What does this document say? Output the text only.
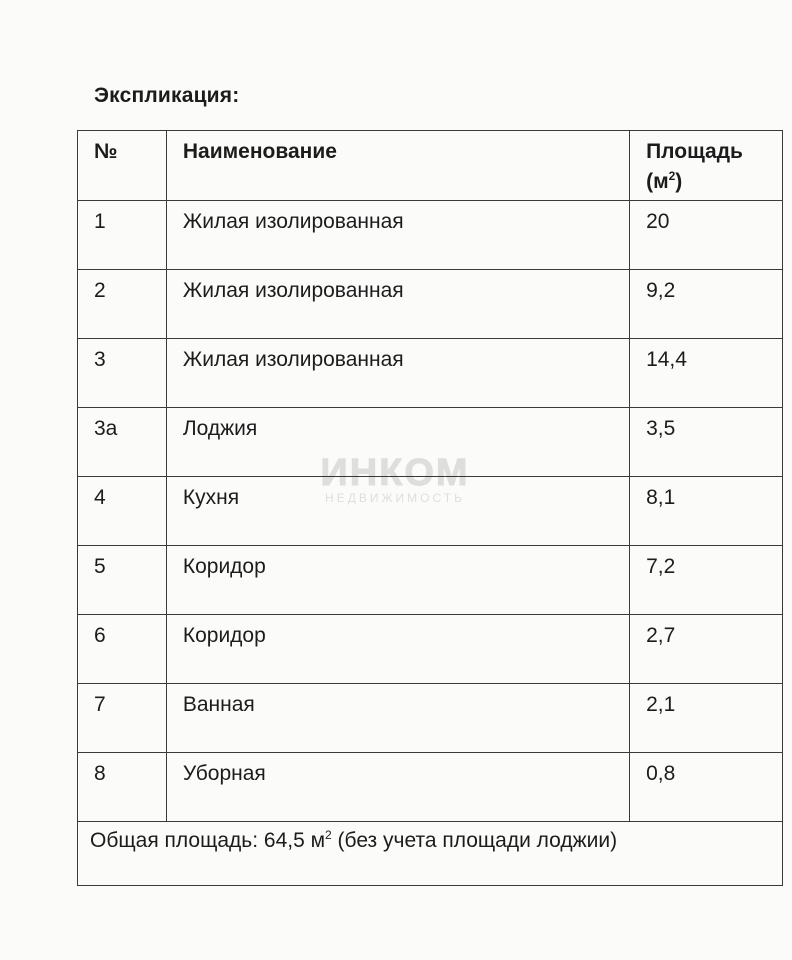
Экспликация:
№	Наименование	Площадь
$(м^2)$
1	Жилая изолированная	20
2	Жилая изолированная	9,2
3	Жилая изолированная	14,4
3а	Лоджия	3,5
4	Кухня	8,1
5	Коридор	7,2
6	Коридор	2,7
7	Ванная	2,1
8	Уборная	0,8
Общая площадь: 64,5 $м^2$ (без учета площади лоджии)		
ИНКОМ
НЕДВИЖИМОСТЬ
